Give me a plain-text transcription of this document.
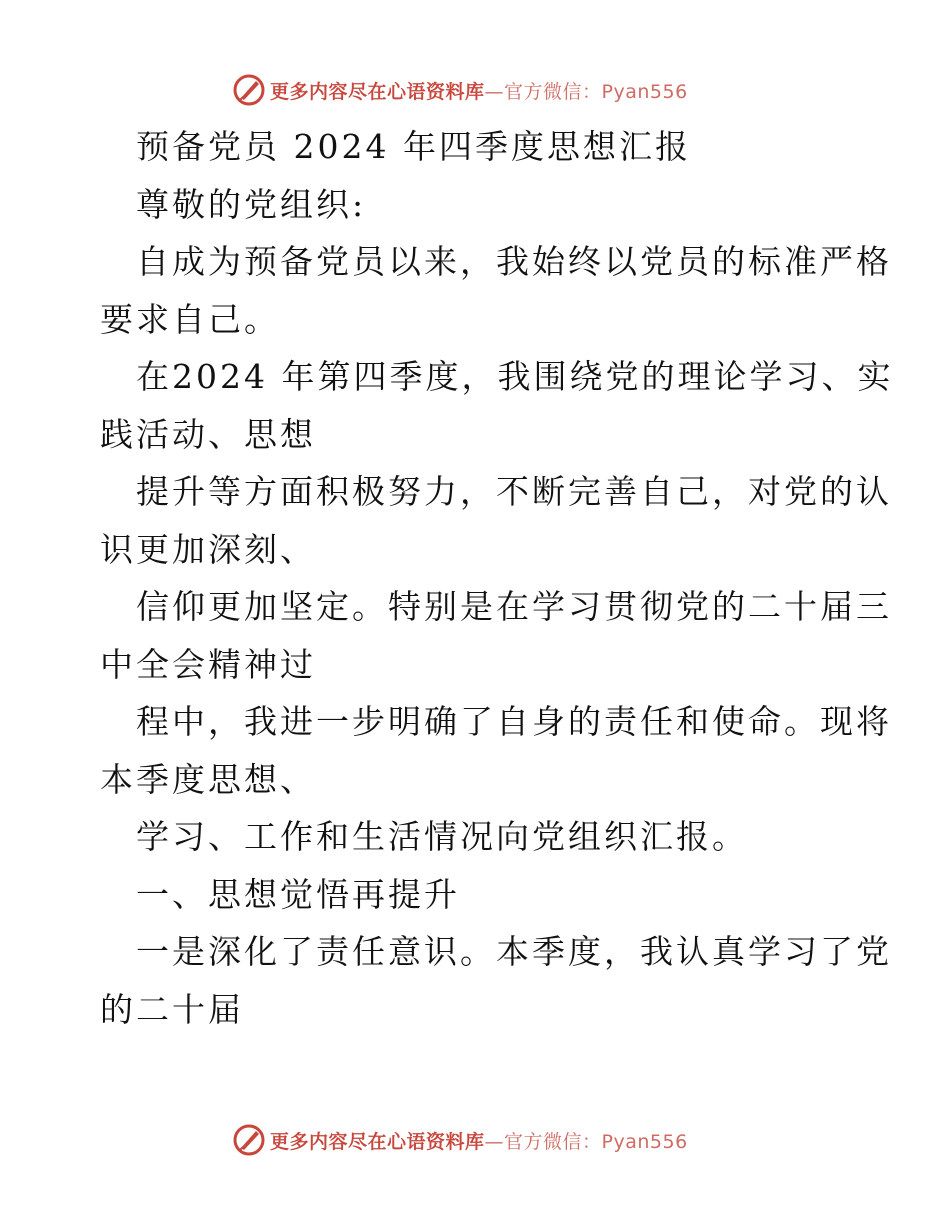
更多内容尽在心语资料库—官方微信：Pyan556
预备党员 2024 年四季度思想汇报
尊敬的党组织:
自成为预备党员以来，我始终以党员的标准严格
要求自己。
在2024 年第四季度，我围绕党的理论学习、实
践活动、思想
提升等方面积极努力，不断完善自己，对党的认
识更加深刻、
信仰更加坚定。特别是在学习贯彻党的二十届三
中全会精神过
程中，我进一步明确了自身的责任和使命。现将
本季度思想、
学习、工作和生活情况向党组织汇报。
一、思想觉悟再提升
一是深化了责任意识。本季度，我认真学习了党
的二十届
更多内容尽在心语资料库—官方微信：Pyan556
